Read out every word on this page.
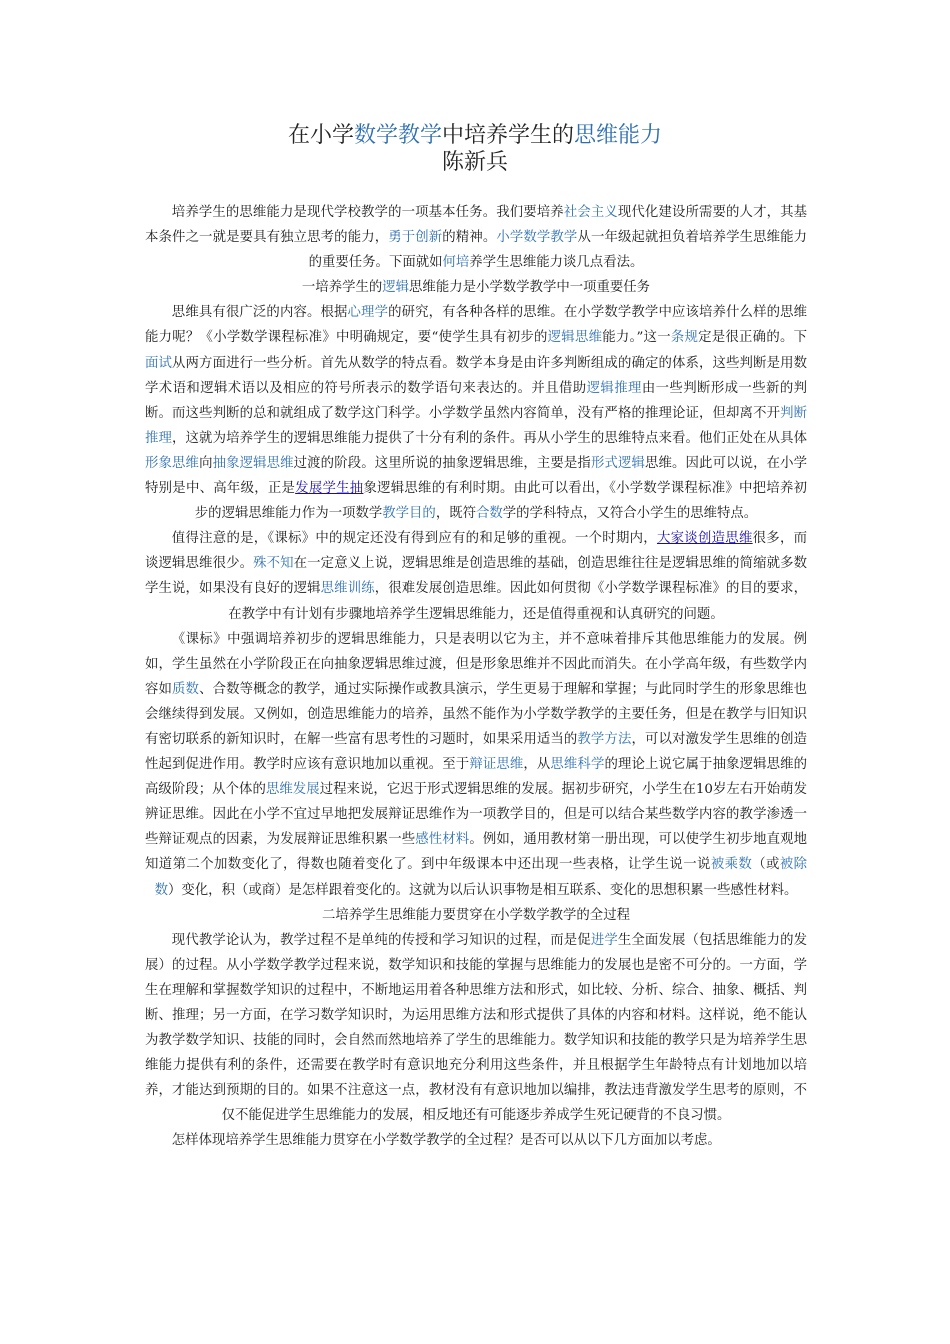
在小学数学教学中培养学生的思维能力
陈新兵

培养学生的思维能力是现代学校教学的一项基本任务。我们要培养社会主义现代化建设所需要的人才，其基本条件之一就是要具有独立思考的能力，勇于创新的精神。小学数学教学从一年级起就担负着培养学生思维能力的重要任务。下面就如何培养学生思维能力谈几点看法。

一培养学生的逻辑思维能力是小学数学教学中一项重要任务

思维具有很广泛的内容。根据心理学的研究，有各种各样的思维。在小学数学教学中应该培养什么样的思维能力呢？《小学数学课程标准》中明确规定，要“使学生具有初步的逻辑思维能力。”这一条规定是很正确的。下面试从两方面进行一些分析。首先从数学的特点看。数学本身是由许多判断组成的确定的体系，这些判断是用数学术语和逻辑术语以及相应的符号所表示的数学语句来表达的。并且借助逻辑推理由一些判断形成一些新的判断。而这些判断的总和就组成了数学这门科学。小学数学虽然内容简单，没有严格的推理论证，但却离不开判断推理，这就为培养学生的逻辑思维能力提供了十分有利的条件。再从小学生的思维特点来看。他们正处在从具体形象思维向抽象逻辑思维过渡的阶段。这里所说的抽象逻辑思维，主要是指形式逻辑思维。因此可以说，在小学特别是中、高年级，正是发展学生抽象逻辑思维的有利时期。由此可以看出，《小学数学课程标准》中把培养初步的逻辑思维能力作为一项数学教学目的，既符合数学的学科特点，又符合小学生的思维特点。

值得注意的是，《课标》中的规定还没有得到应有的和足够的重视。一个时期内，大家谈创造思维很多，而谈逻辑思维很少。殊不知在一定意义上说，逻辑思维是创造思维的基础，创造思维往往是逻辑思维的简缩就多数学生说，如果没有良好的逻辑思维训练，很难发展创造思维。因此如何贯彻《小学数学课程标准》的目的要求，在教学中有计划有步骤地培养学生逻辑思维能力，还是值得重视和认真研究的问题。

《课标》中强调培养初步的逻辑思维能力，只是表明以它为主，并不意味着排斥其他思维能力的发展。例如，学生虽然在小学阶段正在向抽象逻辑思维过渡，但是形象思维并不因此而消失。在小学高年级，有些数学内容如质数、合数等概念的教学，通过实际操作或教具演示，学生更易于理解和掌握；与此同时学生的形象思维也会继续得到发展。又例如，创造思维能力的培养，虽然不能作为小学数学教学的主要任务，但是在教学与旧知识有密切联系的新知识时，在解一些富有思考性的习题时，如果采用适当的教学方法，可以对激发学生思维的创造性起到促进作用。教学时应该有意识地加以重视。至于辩证思维，从思维科学的理论上说它属于抽象逻辑思维的高级阶段；从个体的思维发展过程来说，它迟于形式逻辑思维的发展。据初步研究，小学生在10岁左右开始萌发辨证思维。因此在小学不宜过早地把发展辩证思维作为一项教学目的，但是可以结合某些数学内容的教学渗透一些辩证观点的因素，为发展辩证思维积累一些感性材料。例如，通用教材第一册出现，可以使学生初步地直观地知道第二个加数变化了，得数也随着变化了。到中年级课本中还出现一些表格，让学生说一说被乘数（或被除数）变化，积（或商）是怎样跟着变化的。这就为以后认识事物是相互联系、变化的思想积累一些感性材料。

二培养学生思维能力要贯穿在小学数学教学的全过程

现代教学论认为，教学过程不是单纯的传授和学习知识的过程，而是促进学生全面发展（包括思维能力的发展）的过程。从小学数学教学过程来说，数学知识和技能的掌握与思维能力的发展也是密不可分的。一方面，学生在理解和掌握数学知识的过程中，不断地运用着各种思维方法和形式，如比较、分析、综合、抽象、概括、判断、推理；另一方面，在学习数学知识时，为运用思维方法和形式提供了具体的内容和材料。这样说，绝不能认为教学数学知识、技能的同时，会自然而然地培养了学生的思维能力。数学知识和技能的教学只是为培养学生思维能力提供有利的条件，还需要在教学时有意识地充分利用这些条件，并且根据学生年龄特点有计划地加以培养，才能达到预期的目的。如果不注意这一点，教材没有有意识地加以编排，教法违背激发学生思考的原则，不仅不能促进学生思维能力的发展，相反地还有可能逐步养成学生死记硬背的不良习惯。

怎样体现培养学生思维能力贯穿在小学数学教学的全过程？是否可以从以下几方面加以考虑。
